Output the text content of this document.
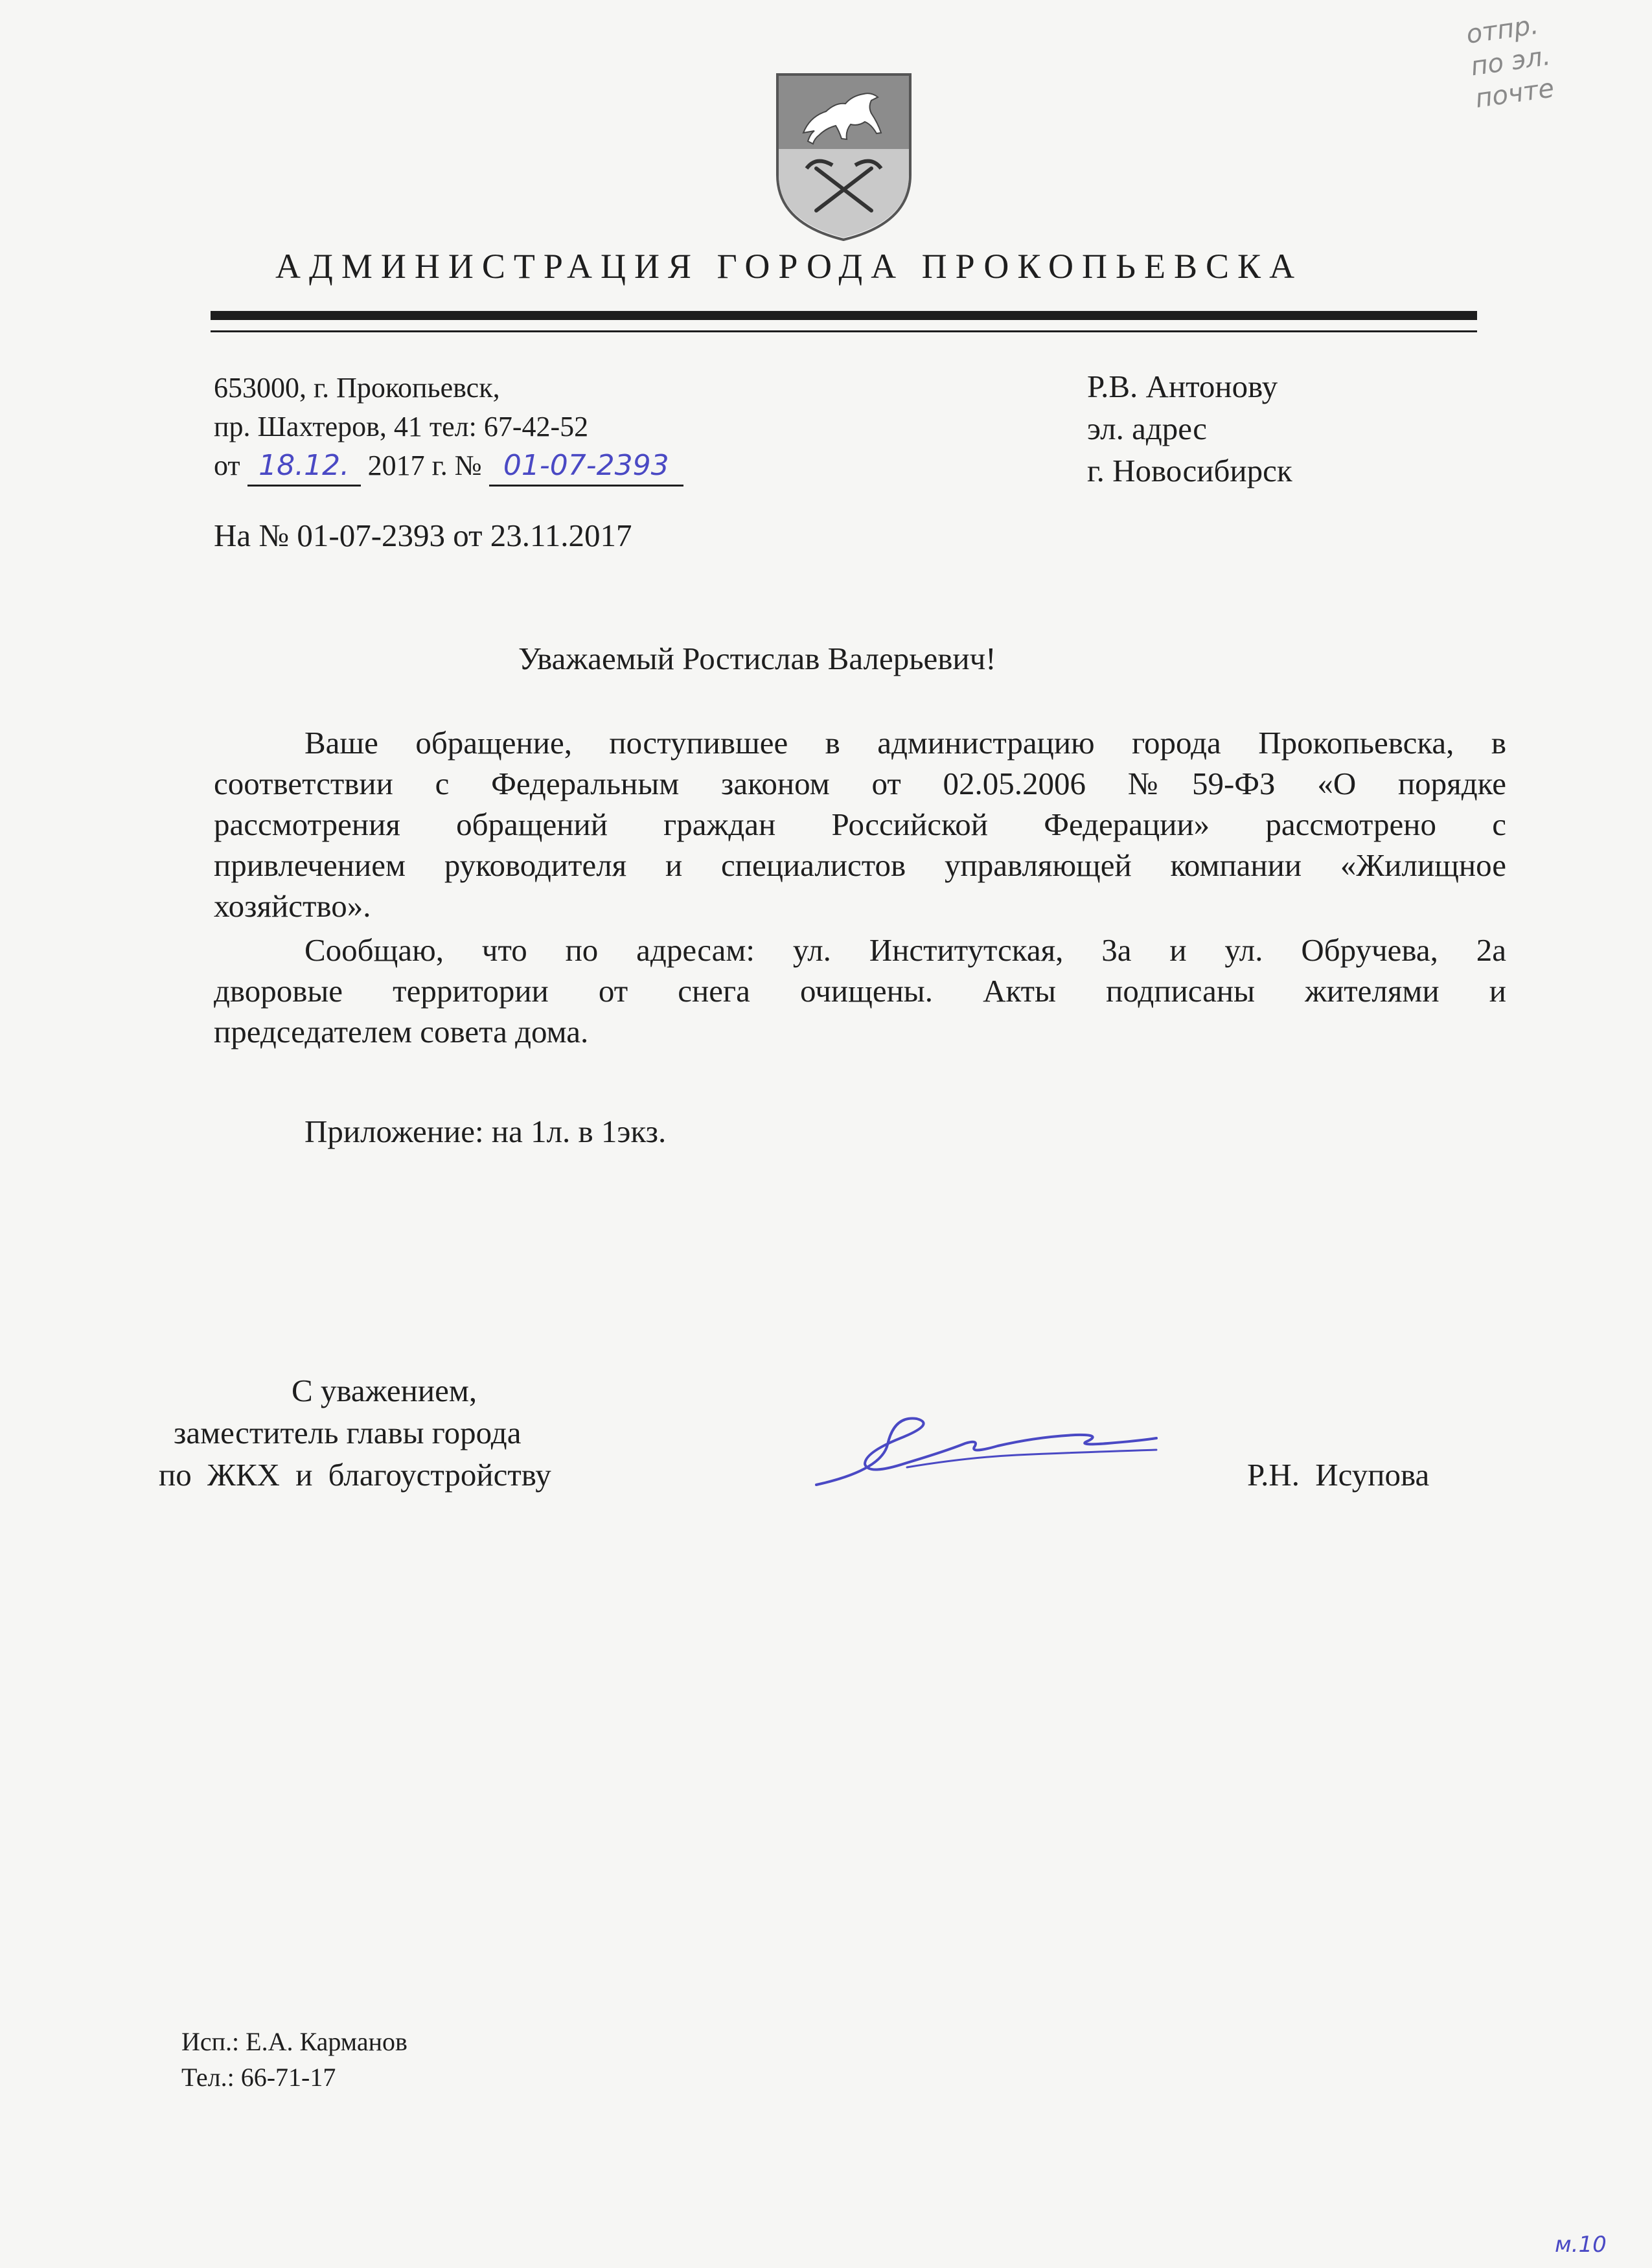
отпр.
по эл.
почте
АДМИНИСТРАЦИЯ ГОРОДА ПРОКОПЬЕВСКА
653000, г. Прокопьевск,
пр. Шахтеров, 41 тел: 67-42-52
от 18.12. 2017 г. № 01-07-2393
На № 01-07-2393 от 23.11.2017
Р.В. Антонову
эл. адрес
г. Новосибирск
Уважаемый Ростислав Валерьевич!
Ваше обращение, поступившее в администрацию города Прокопьевска, в
соответствии с Федеральным законом от 02.05.2006 №59-ФЗ «О порядке
рассмотрения обращений граждан Российской Федерации» рассмотрено с
привлечением руководителя и специалистов управляющей компании «Жилищное
хозяйство».
Сообщаю, что по адресам: ул. Институтская, 3а и ул. Обручева, 2а
дворовые территории от снега очищены. Акты подписаны жителями и
председателем совета дома.
Приложение: на 1л. в 1экз.
С уважением,
заместитель главы города
по ЖКХ и благоустройству	Р.Н. Исупова
Исп.: Е.А. Карманов
Тел.: 66-71-17
м.10
